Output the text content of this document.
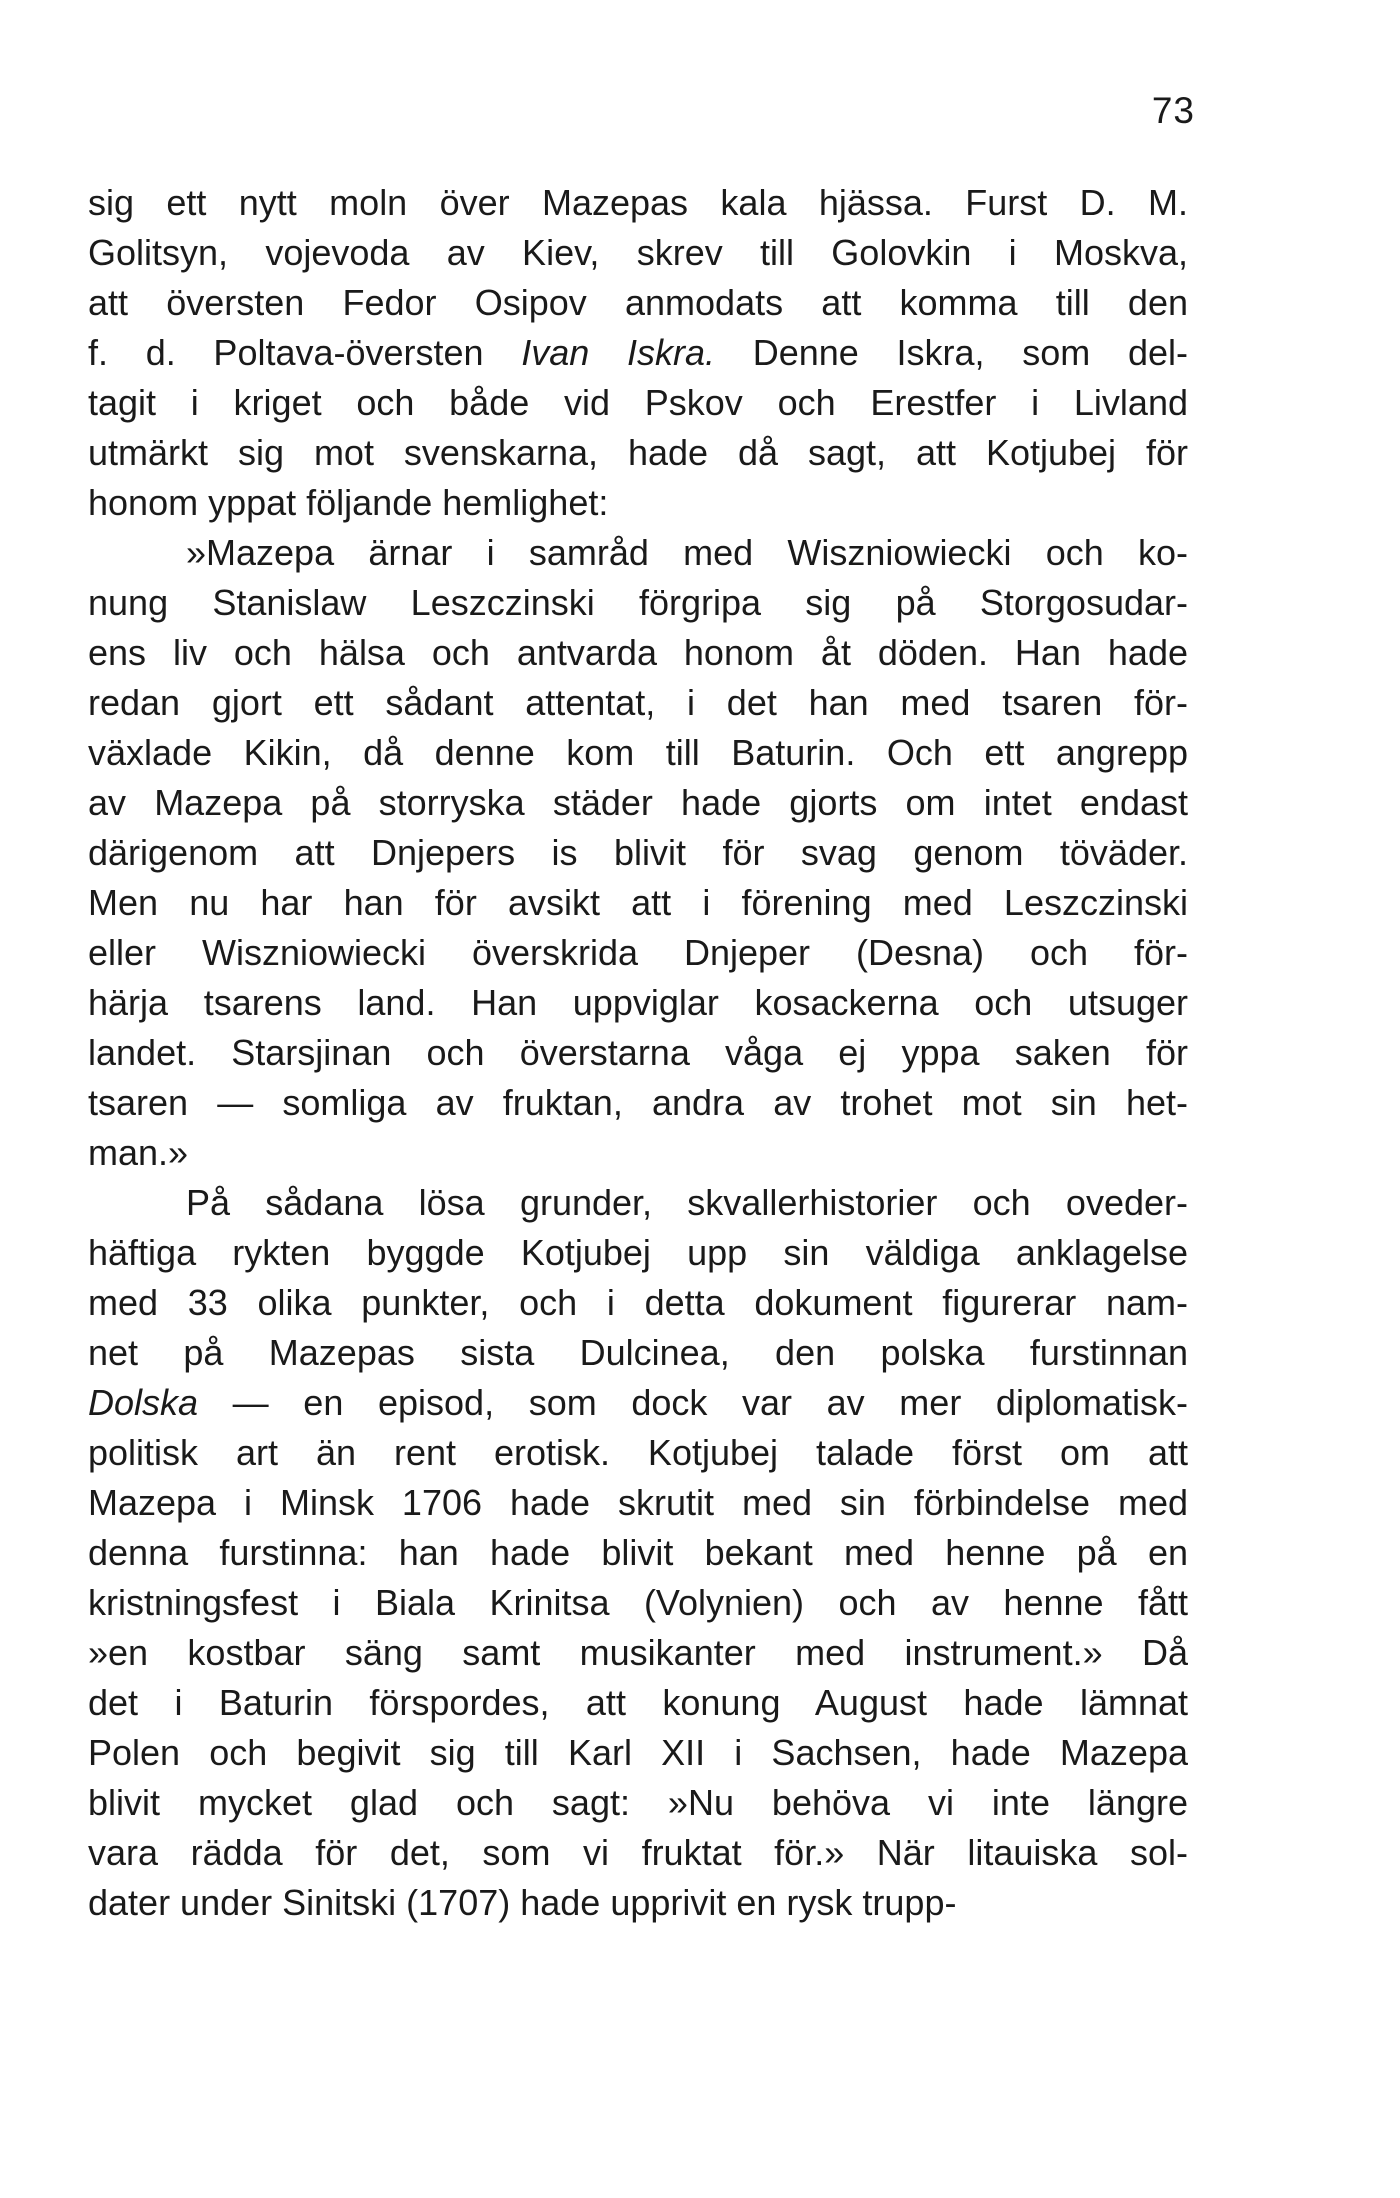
73
sig ett nytt moln över Mazepas kala hjässa. Furst D. M.
Golitsyn, vojevoda av Kiev, skrev till Golovkin i Moskva,
att översten Fedor Osipov anmodats att komma till den
f. d. Poltava-översten Ivan Iskra. Denne Iskra, som del-
tagit i kriget och både vid Pskov och Erestfer i Livland
utmärkt sig mot svenskarna, hade då sagt, att Kotjubej för
honom yppat följande hemlighet:
»Mazepa ärnar i samråd med Wiszniowiecki och ko-
nung Stanislaw Leszczinski förgripa sig på Storgosudar-
ens liv och hälsa och antvarda honom åt döden. Han hade
redan gjort ett sådant attentat, i det han med tsaren för-
växlade Kikin, då denne kom till Baturin. Och ett angrepp
av Mazepa på storryska städer hade gjorts om intet endast
därigenom att Dnjepers is blivit för svag genom töväder.
Men nu har han för avsikt att i förening med Leszczinski
eller Wiszniowiecki överskrida Dnjeper (Desna) och för-
härja tsarens land. Han uppviglar kosackerna och utsuger
landet. Starsjinan och överstarna våga ej yppa saken för
tsaren — somliga av fruktan, andra av trohet mot sin het-
man.»
På sådana lösa grunder, skvallerhistorier och oveder-
häftiga rykten byggde Kotjubej upp sin väldiga anklagelse
med 33 olika punkter, och i detta dokument figurerar nam-
net på Mazepas sista Dulcinea, den polska furstinnan
Dolska — en episod, som dock var av mer diplomatisk-
politisk art än rent erotisk. Kotjubej talade först om att
Mazepa i Minsk 1706 hade skrutit med sin förbindelse med
denna furstinna: han hade blivit bekant med henne på en
kristningsfest i Biala Krinitsa (Volynien) och av henne fått
»en kostbar säng samt musikanter med instrument.» Då
det i Baturin förspordes, att konung August hade lämnat
Polen och begivit sig till Karl XII i Sachsen, hade Mazepa
blivit mycket glad och sagt: »Nu behöva vi inte längre
vara rädda för det, som vi fruktat för.» När litauiska sol-
dater under Sinitski (1707) hade upprivit en rysk trupp-
